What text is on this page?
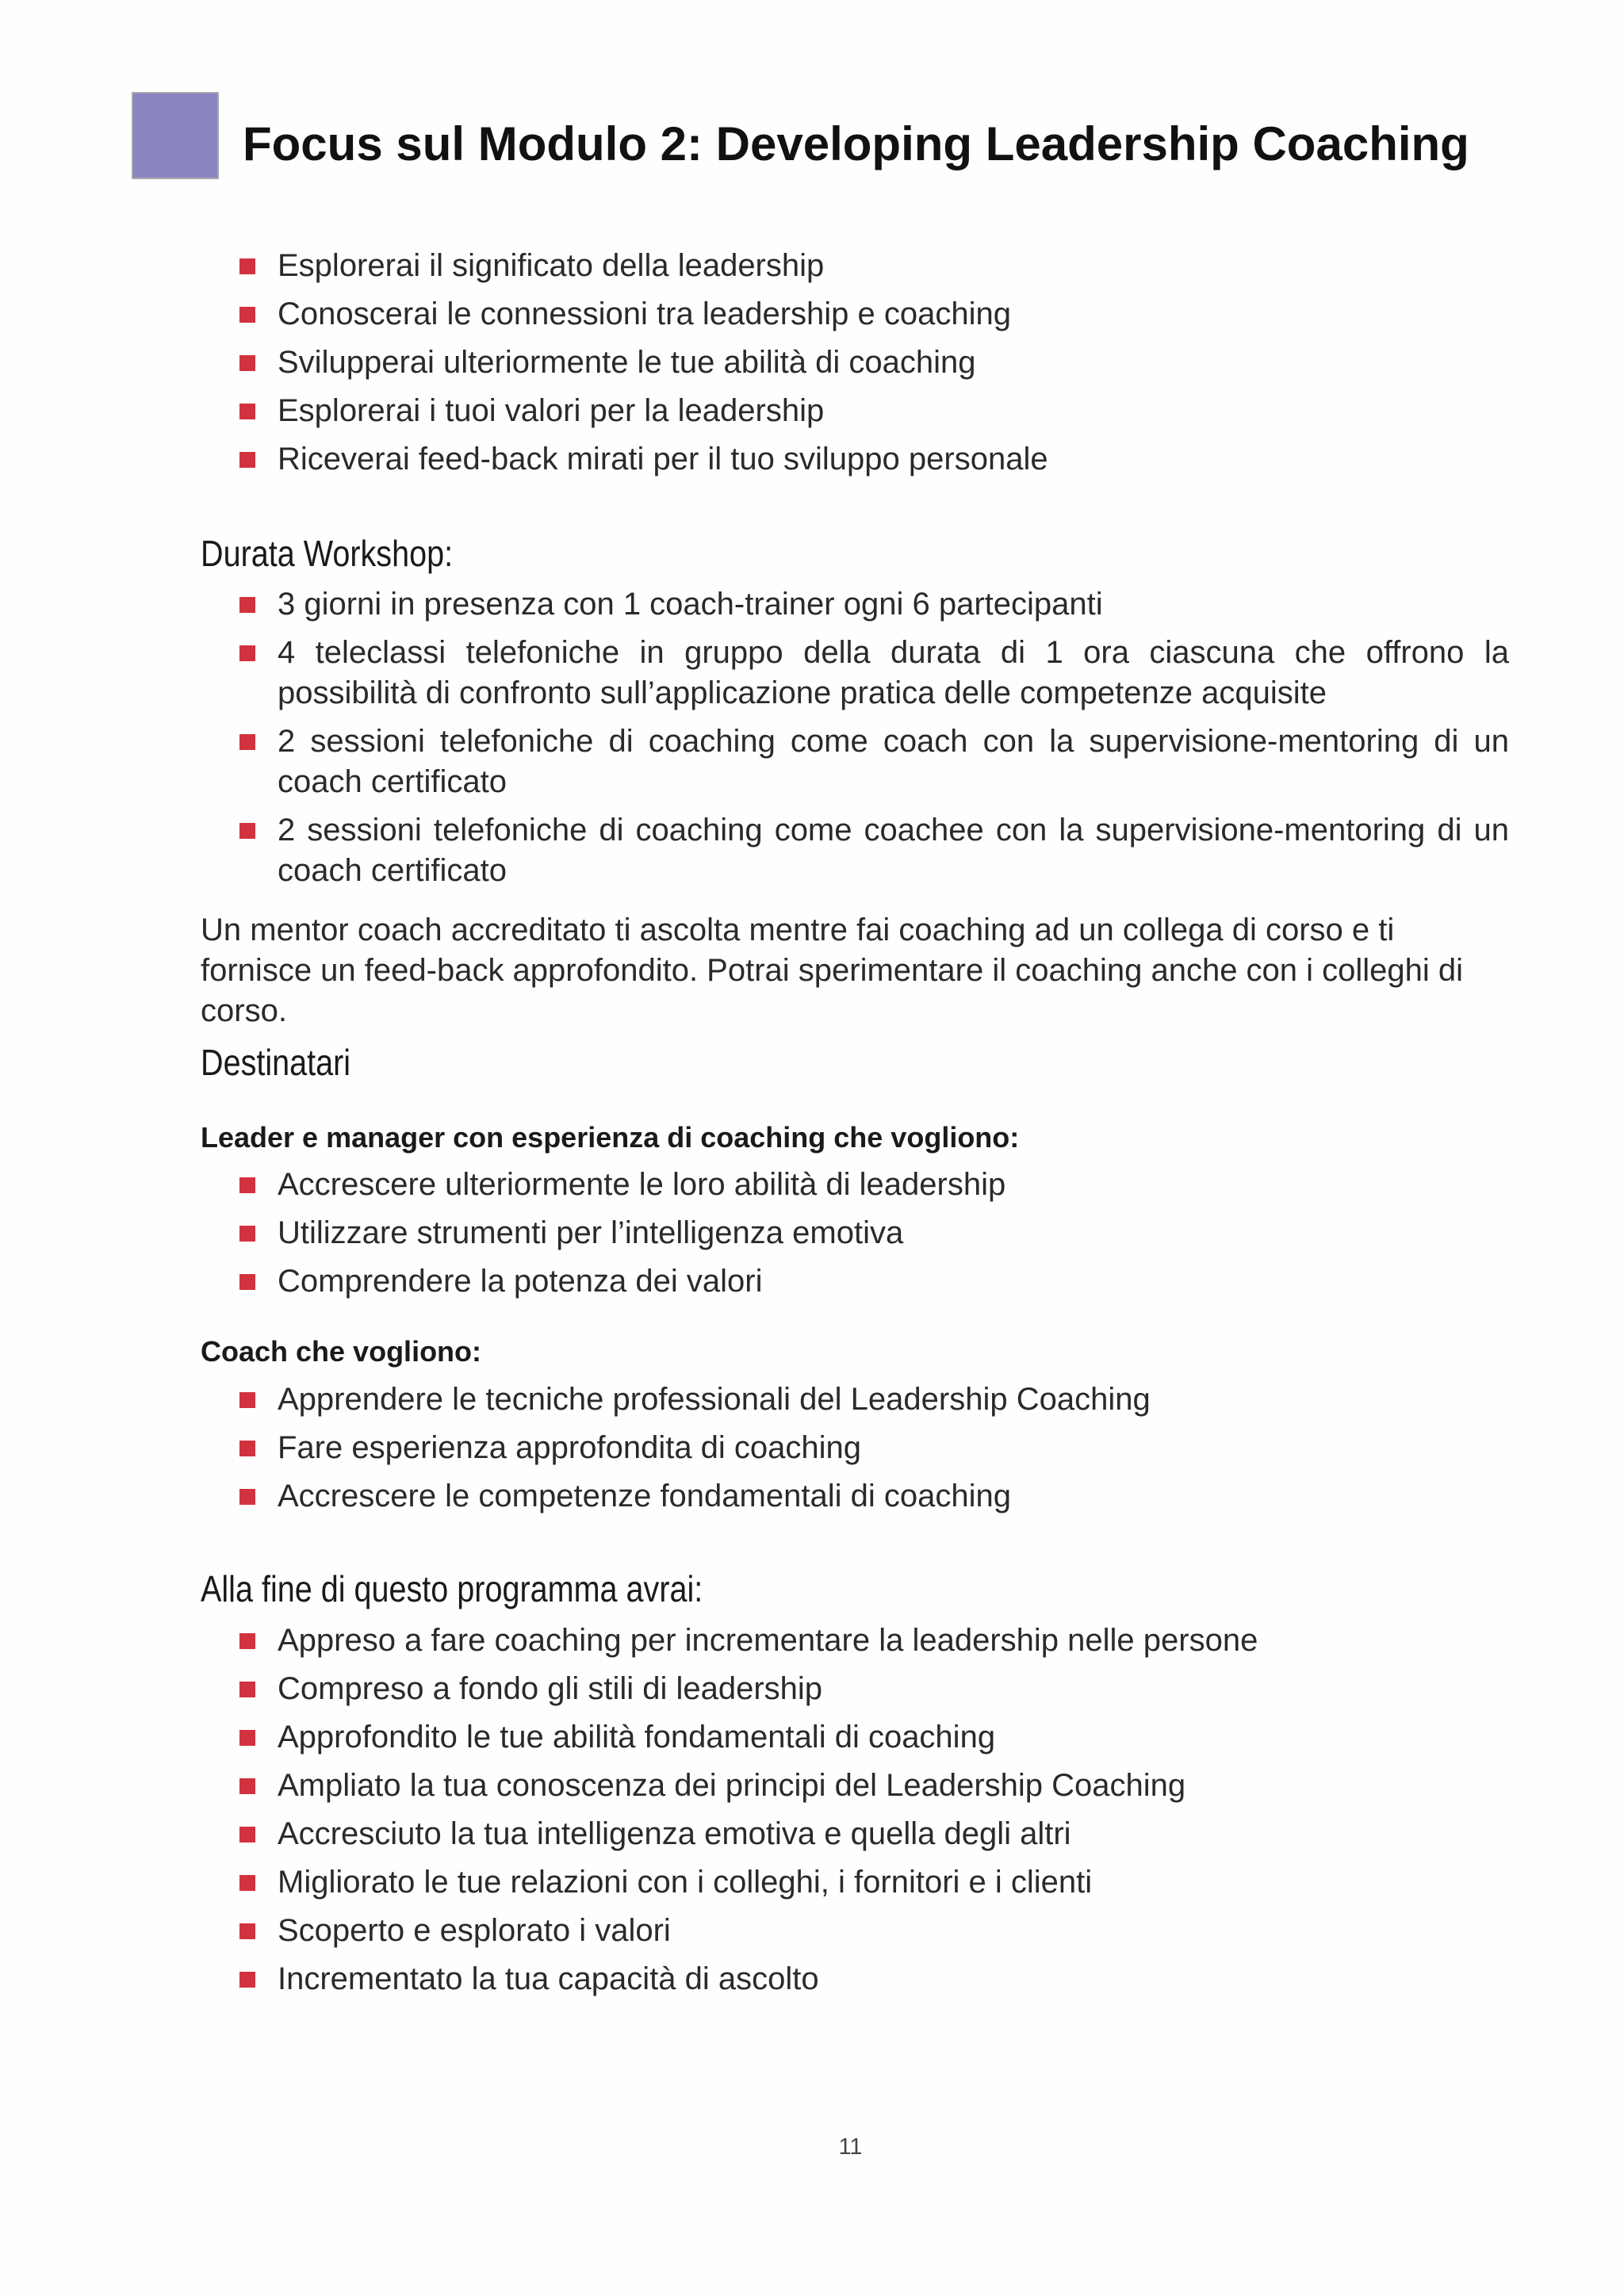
Focus sul Modulo 2: Developing Leadership Coaching
Esplorerai il significato della leadership
Conoscerai le connessioni tra leadership e coaching
Svilupperai ulteriormente le tue abilità di coaching
Esplorerai i tuoi valori per la leadership
Riceverai feed-back mirati per il tuo sviluppo personale
Durata Workshop:
3 giorni in presenza con 1 coach-trainer ogni 6 partecipanti
4 teleclassi telefoniche in gruppo della durata di 1 ora ciascuna che offrono la possibilità di confronto sull’applicazione pratica delle competenze acquisite
2 sessioni telefoniche di coaching come coach con la supervisione-mentoring di un coach certificato
2 sessioni telefoniche di coaching come coachee con la supervisione-mentoring di un coach certificato
Un mentor coach accreditato ti ascolta mentre fai coaching ad un collega di corso e ti fornisce un feed-back approfondito. Potrai sperimentare il coaching anche con i colleghi di corso.
Destinatari
Leader e manager con esperienza di coaching che vogliono:
Accrescere ulteriormente le loro abilità di leadership
Utilizzare strumenti per l’intelligenza emotiva
Comprendere la potenza dei valori
Coach che vogliono:
Apprendere le tecniche professionali del Leadership Coaching
Fare esperienza approfondita di coaching
Accrescere le competenze fondamentali di coaching
Alla fine di questo programma avrai:
Appreso a fare coaching per incrementare la leadership nelle persone
Compreso a fondo gli stili di leadership
Approfondito le tue abilità fondamentali di coaching
Ampliato la tua conoscenza dei principi del Leadership Coaching
Accresciuto la tua intelligenza emotiva e quella degli altri
Migliorato le tue relazioni con i colleghi, i fornitori e i clienti
Scoperto e esplorato i valori
Incrementato la tua capacità di ascolto
11
